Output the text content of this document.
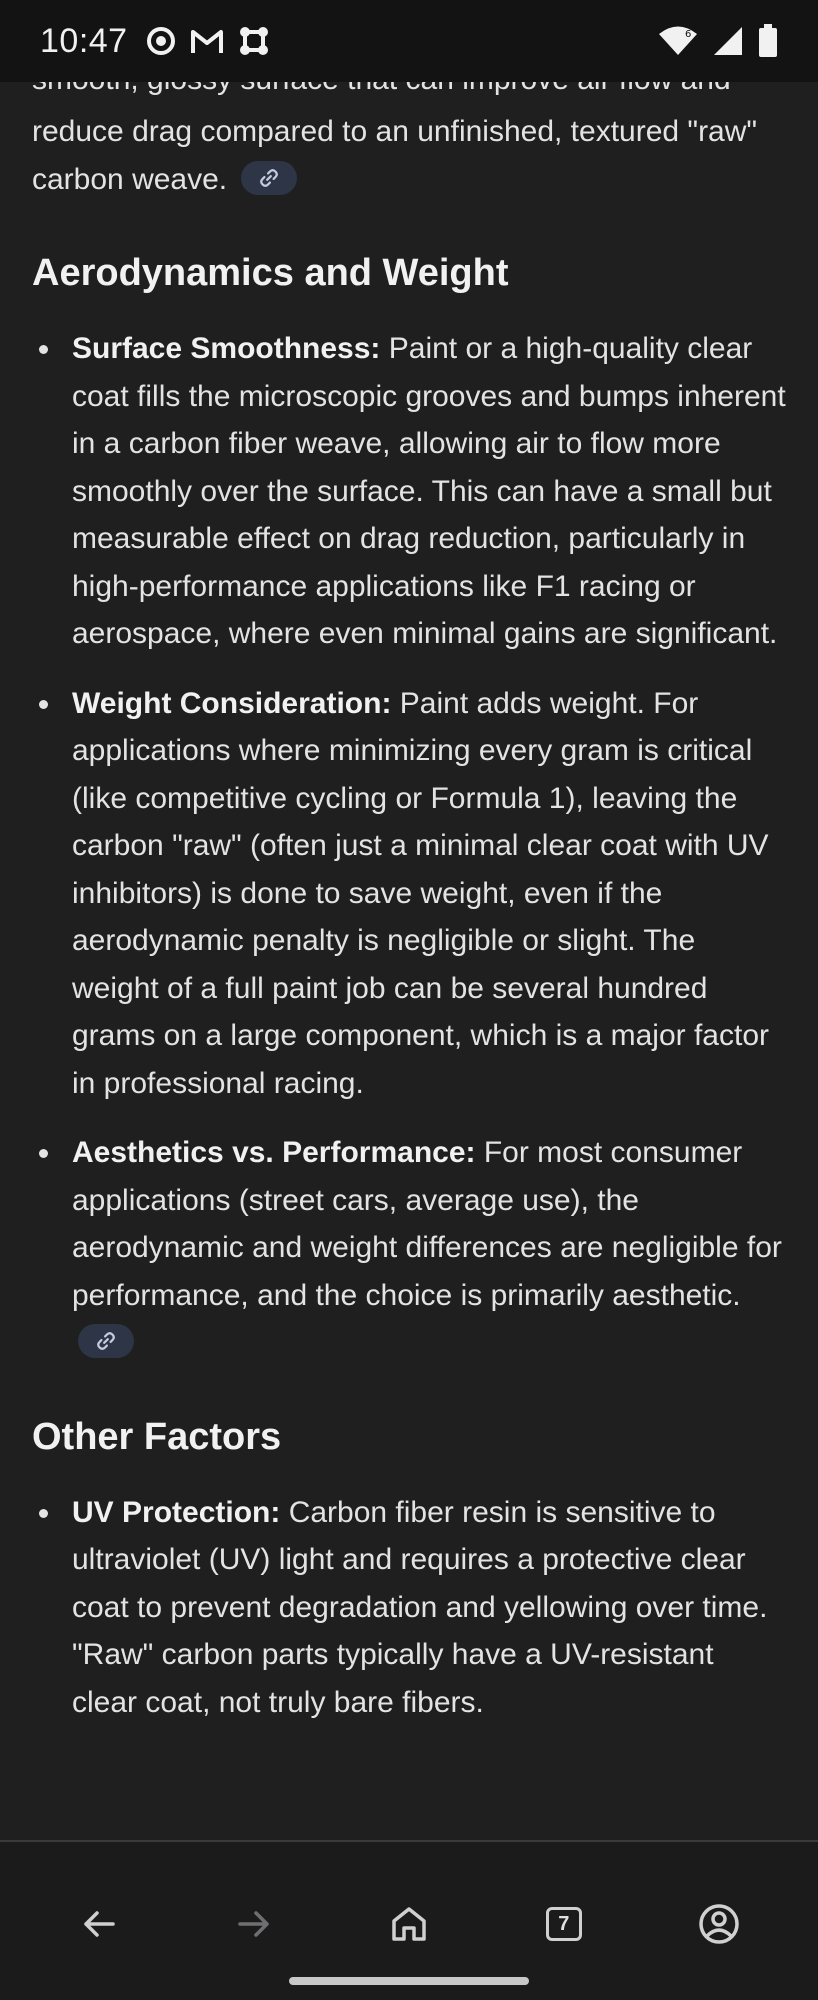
10:47	6

reduce drag compared to an unfinished, textured "raw" carbon weave.

Aerodynamics and Weight
Surface Smoothness: Paint or a high-quality clear coat fills the microscopic grooves and bumps inherent in a carbon fiber weave, allowing air to flow more smoothly over the surface. This can have a small but measurable effect on drag reduction, particularly in high-performance applications like F1 racing or aerospace, where even minimal gains are significant.
Weight Consideration: Paint adds weight. For applications where minimizing every gram is critical (like competitive cycling or Formula 1), leaving the carbon "raw" (often just a minimal clear coat with UV inhibitors) is done to save weight, even if the aerodynamic penalty is negligible or slight. The weight of a full paint job can be several hundred grams on a large component, which is a major factor in professional racing.
Aesthetics vs. Performance: For most consumer applications (street cars, average use), the aerodynamic and weight differences are negligible for performance, and the choice is primarily aesthetic.
Other Factors
UV Protection: Carbon fiber resin is sensitive to ultraviolet (UV) light and requires a protective clear coat to prevent degradation and yellowing over time. "Raw" carbon parts typically have a UV-resistant clear coat, not truly bare fibers.
7
